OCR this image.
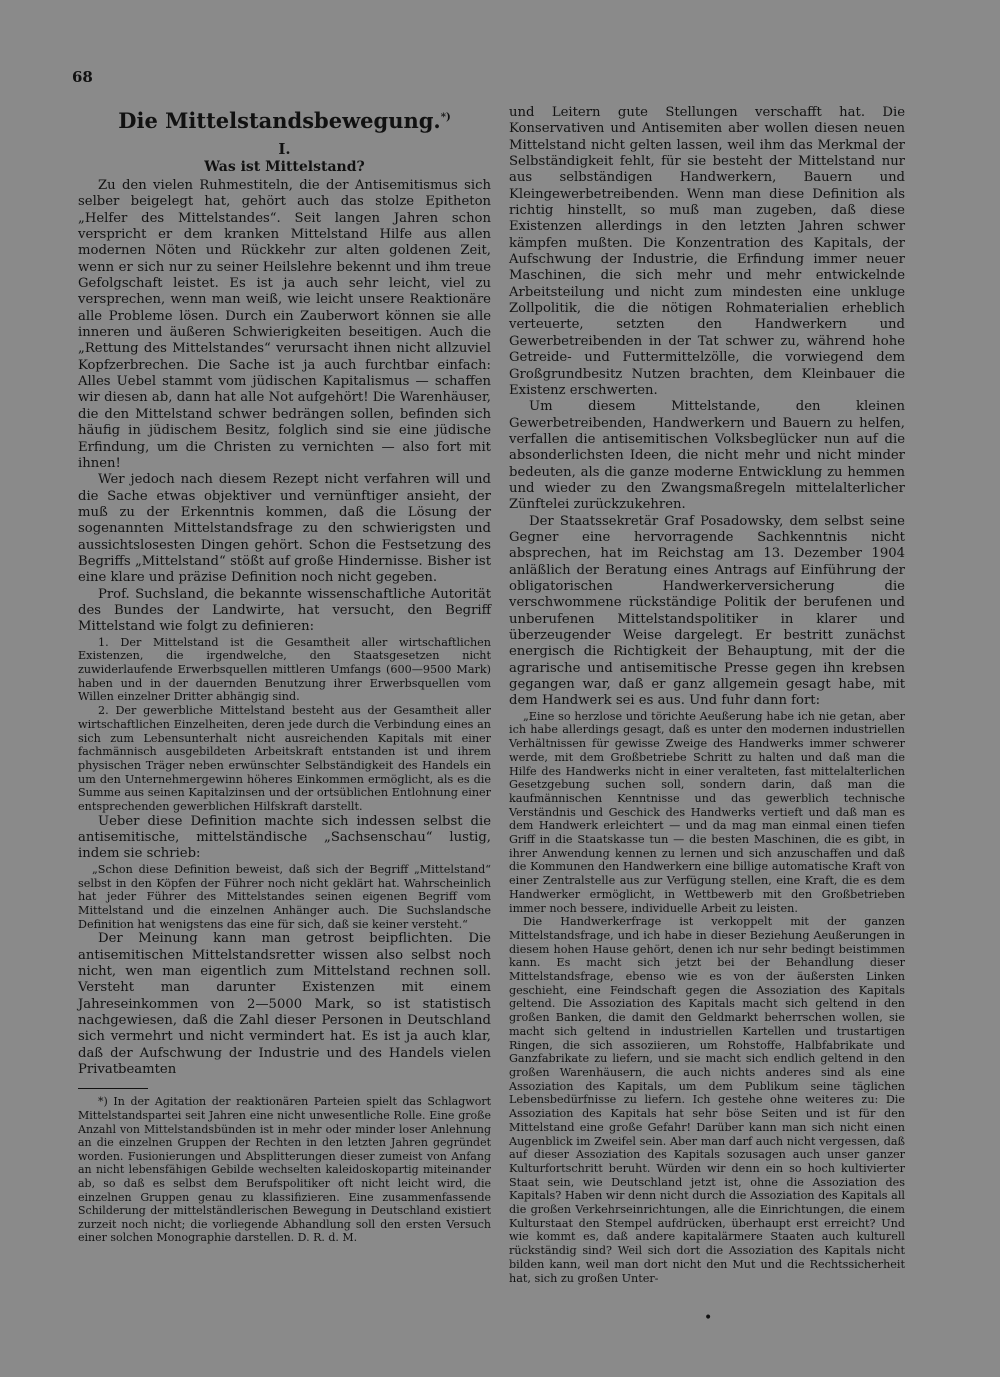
68
Die Mittelstandsbewegung.*)
I.
Was ist Mittelstand?

Zu den vielen Ruhmestiteln, die der Antisemitismus sich selber beigelegt hat, gehört auch das stolze Epitheton „Helfer des Mittelstandes“. Seit langen Jahren schon verspricht er dem kranken Mittelstand Hilfe aus allen modernen Nöten und Rückkehr zur alten goldenen Zeit, wenn er sich nur zu seiner Heilslehre bekennt und ihm treue Gefolgschaft leistet. Es ist ja auch sehr leicht, viel zu versprechen, wenn man weiß, wie leicht unsere Reaktionäre alle Probleme lösen. Durch ein Zauberwort können sie alle inneren und äußeren Schwierigkeiten beseitigen. Auch die „Rettung des Mittelstandes“ verursacht ihnen nicht allzuviel Kopfzerbrechen. Die Sache ist ja auch furchtbar einfach: Alles Uebel stammt vom jüdischen Kapitalismus — schaffen wir diesen ab, dann hat alle Not aufgehört! Die Warenhäuser, die den Mittelstand schwer bedrängen sollen, befinden sich häufig in jüdischem Besitz, folglich sind sie eine jüdische Erfindung, um die Christen zu vernichten — also fort mit ihnen!

Wer jedoch nach diesem Rezept nicht verfahren will und die Sache etwas objektiver und vernünftiger ansieht, der muß zu der Erkenntnis kommen, daß die Lösung der sogenannten Mittelstandsfrage zu den schwierigsten und aussichtslosesten Dingen gehört. Schon die Festsetzung des Begriffs „Mittelstand“ stößt auf große Hindernisse. Bisher ist eine klare und präzise Definition noch nicht gegeben.

Prof. Suchsland, die bekannte wissenschaftliche Autorität des Bundes der Landwirte, hat versucht, den Begriff Mittelstand wie folgt zu definieren:

1. Der Mittelstand ist die Gesamtheit aller wirtschaftlichen Existenzen, die irgendwelche, den Staatsgesetzen nicht zuwiderlaufende Erwerbsquellen mittleren Umfangs (600—9500 Mark) haben und in der dauernden Benutzung ihrer Erwerbsquellen vom Willen einzelner Dritter abhängig sind.

2. Der gewerbliche Mittelstand besteht aus der Gesamtheit aller wirtschaftlichen Einzelheiten, deren jede durch die Verbindung eines an sich zum Lebensunterhalt nicht ausreichenden Kapitals mit einer fachmännisch ausgebildeten Arbeitskraft entstanden ist und ihrem physischen Träger neben erwünschter Selbständigkeit des Handels ein um den Unternehmergewinn höheres Einkommen ermöglicht, als es die Summe aus seinen Kapitalzinsen und der ortsüblichen Entlohnung einer entsprechenden gewerblichen Hilfskraft darstellt.

Ueber diese Definition machte sich indessen selbst die antisemitische, mittelständische „Sachsenschau“ lustig, indem sie schrieb:

„Schon diese Definition beweist, daß sich der Begriff „Mittelstand“ selbst in den Köpfen der Führer noch nicht geklärt hat. Wahrscheinlich hat jeder Führer des Mittelstandes seinen eigenen Begriff vom Mittelstand und die einzelnen Anhänger auch. Die Suchslandsche Definition hat wenigstens das eine für sich, daß sie keiner versteht.“

Der Meinung kann man getrost beipflichten. Die antisemitischen Mittelstandsretter wissen also selbst noch nicht, wen man eigentlich zum Mittelstand rechnen soll. Versteht man darunter Existenzen mit einem Jahreseinkommen von 2—5000 Mark, so ist statistisch nachgewiesen, daß die Zahl dieser Personen in Deutschland sich vermehrt und nicht vermindert hat. Es ist ja auch klar, daß der Aufschwung der Industrie und des Handels vielen Privatbeamten

*) In der Agitation der reaktionären Parteien spielt das Schlagwort Mittelstandspartei seit Jahren eine nicht unwesentliche Rolle. Eine große Anzahl von Mittelstandsbünden ist in mehr oder minder loser Anlehnung an die einzelnen Gruppen der Rechten in den letzten Jahren gegründet worden. Fusionierungen und Absplitterungen dieser zumeist von Anfang an nicht lebensfähigen Gebilde wechselten kaleidoskopartig miteinander ab, so daß es selbst dem Berufspolitiker oft nicht leicht wird, die einzelnen Gruppen genau zu klassifizieren. Eine zusammenfassende Schilderung der mittelständlerischen Bewegung in Deutschland existiert zurzeit noch nicht; die vorliegende Abhandlung soll den ersten Versuch einer solchen Monographie darstellen. D. R. d. M.

und Leitern gute Stellungen verschafft hat. Die Konservativen und Antisemiten aber wollen diesen neuen Mittelstand nicht gelten lassen, weil ihm das Merkmal der Selbständigkeit fehlt, für sie besteht der Mittelstand nur aus selbständigen Handwerkern, Bauern und Kleingewerbetreibenden. Wenn man diese Definition als richtig hinstellt, so muß man zugeben, daß diese Existenzen allerdings in den letzten Jahren schwer kämpfen mußten. Die Konzentration des Kapitals, der Aufschwung der Industrie, die Erfindung immer neuer Maschinen, die sich mehr und mehr entwickelnde Arbeitsteilung und nicht zum mindesten eine unkluge Zollpolitik, die die nötigen Rohmaterialien erheblich verteuerte, setzten den Handwerkern und Gewerbetreibenden in der Tat schwer zu, während hohe Getreide- und Futtermittelzölle, die vorwiegend dem Großgrundbesitz Nutzen brachten, dem Kleinbauer die Existenz erschwerten.

Um diesem Mittelstande, den kleinen Gewerbetreibenden, Handwerkern und Bauern zu helfen, verfallen die antisemitischen Volksbeglücker nun auf die absonderlichsten Ideen, die nicht mehr und nicht minder bedeuten, als die ganze moderne Entwicklung zu hemmen und wieder zu den Zwangsmaßregeln mittelalterlicher Zünftelei zurückzukehren.

Der Staatssekretär Graf Posadowsky, dem selbst seine Gegner eine hervorragende Sachkenntnis nicht absprechen, hat im Reichstag am 13. Dezember 1904 anläßlich der Beratung eines Antrags auf Einführung der obligatorischen Handwerkerversicherung die verschwommene rückständige Politik der berufenen und unberufenen Mittelstandspolitiker in klarer und überzeugender Weise dargelegt. Er bestritt zunächst energisch die Richtigkeit der Behauptung, mit der die agrarische und antisemitische Presse gegen ihn krebsen gegangen war, daß er ganz allgemein gesagt habe, mit dem Handwerk sei es aus. Und fuhr dann fort:

„Eine so herzlose und törichte Aeußerung habe ich nie getan, aber ich habe allerdings gesagt, daß es unter den modernen industriellen Verhältnissen für gewisse Zweige des Handwerks immer schwerer werde, mit dem Großbetriebe Schritt zu halten und daß man die Hilfe des Handwerks nicht in einer veralteten, fast mittelalterlichen Gesetzgebung suchen soll, sondern darin, daß man die kaufmännischen Kenntnisse und das gewerblich technische Verständnis und Geschick des Handwerks vertieft und daß man es dem Handwerk erleichtert — und da mag man einmal einen tiefen Griff in die Staatskasse tun — die besten Maschinen, die es gibt, in ihrer Anwendung kennen zu lernen und sich anzuschaffen und daß die Kommunen den Handwerkern eine billige automatische Kraft von einer Zentralstelle aus zur Verfügung stellen, eine Kraft, die es dem Handwerker ermöglicht, in Wettbewerb mit den Großbetrieben immer noch bessere, individuelle Arbeit zu leisten.

Die Handwerkerfrage ist verkoppelt mit der ganzen Mittelstandsfrage, und ich habe in dieser Beziehung Aeußerungen in diesem hohen Hause gehört, denen ich nur sehr bedingt beistimmen kann. Es macht sich jetzt bei der Behandlung dieser Mittelstandsfrage, ebenso wie es von der äußersten Linken geschieht, eine Feindschaft gegen die Assoziation des Kapitals geltend. Die Assoziation des Kapitals macht sich geltend in den großen Banken, die damit den Geldmarkt beherrschen wollen, sie macht sich geltend in industriellen Kartellen und trustartigen Ringen, die sich assoziieren, um Rohstoffe, Halbfabrikate und Ganzfabrikate zu liefern, und sie macht sich endlich geltend in den großen Warenhäusern, die auch nichts anderes sind als eine Assoziation des Kapitals, um dem Publikum seine täglichen Lebensbedürfnisse zu liefern. Ich gestehe ohne weiteres zu: Die Assoziation des Kapitals hat sehr böse Seiten und ist für den Mittelstand eine große Gefahr! Darüber kann man sich nicht einen Augenblick im Zweifel sein. Aber man darf auch nicht vergessen, daß auf dieser Assoziation des Kapitals sozusagen auch unser ganzer Kulturfortschritt beruht. Würden wir denn ein so hoch kultivierter Staat sein, wie Deutschland jetzt ist, ohne die Assoziation des Kapitals? Haben wir denn nicht durch die Assoziation des Kapitals all die großen Verkehrseinrichtungen, alle die Einrichtungen, die einem Kulturstaat den Stempel aufdrücken, überhaupt erst erreicht? Und wie kommt es, daß andere kapitalärmere Staaten auch kulturell rückständig sind? Weil sich dort die Assoziation des Kapitals nicht bilden kann, weil man dort nicht den Mut und die Rechtssicherheit hat, sich zu großen Unter-

•
